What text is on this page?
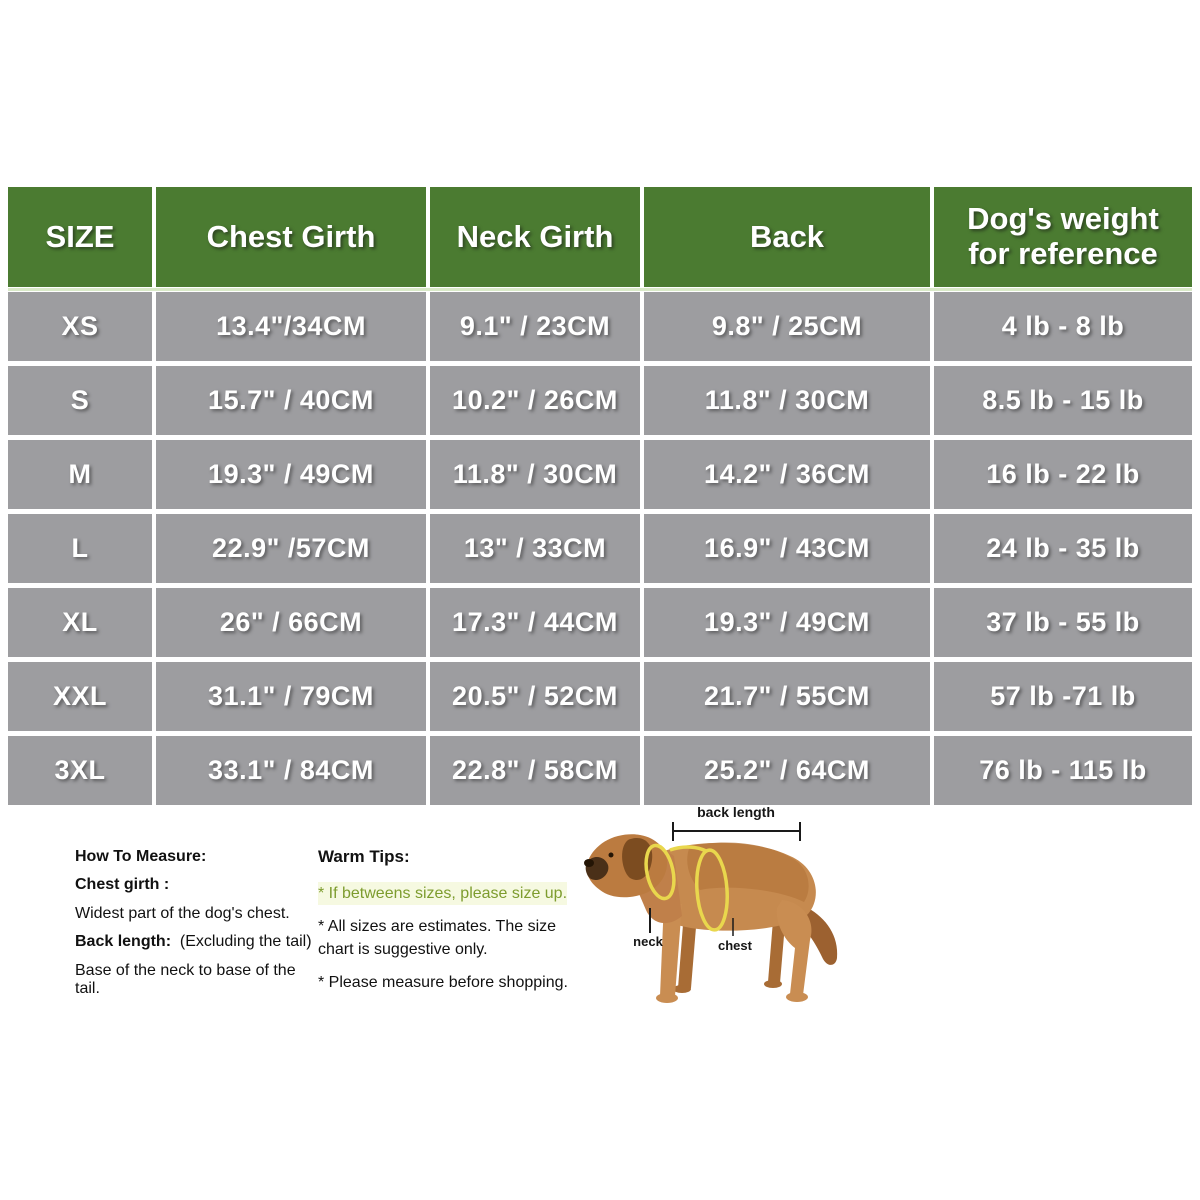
SIZE	Chest Girth	Neck Girth	Back	Dog's weight for reference
XS	13.4"/34CM	9.1" / 23CM	9.8" / 25CM	4 lb - 8 lb
S	15.7" / 40CM	10.2" / 26CM	11.8" / 30CM	8.5 lb - 15 lb
M	19.3" / 49CM	11.8" / 30CM	14.2" / 36CM	16 lb - 22 lb
L	22.9" /57CM	13" / 33CM	16.9" / 43CM	24 lb - 35 lb
XL	26" / 66CM	17.3" / 44CM	19.3" / 49CM	37 lb - 55 lb
XXL	31.1" / 79CM	20.5" / 52CM	21.7" / 55CM	57 lb -71 lb
3XL	33.1" / 84CM	22.8" / 58CM	25.2" / 64CM	76 lb - 115 lb
How To Measure:
Chest girth :
Widest part of the dog's chest.
Back length: (Excluding the tail)
Base of the neck to base of the tail.
Warm Tips:
* If betweens sizes, please size up.
* All sizes are estimates. The size chart is suggestive only.
* Please measure before shopping.
back length
neck	chest
